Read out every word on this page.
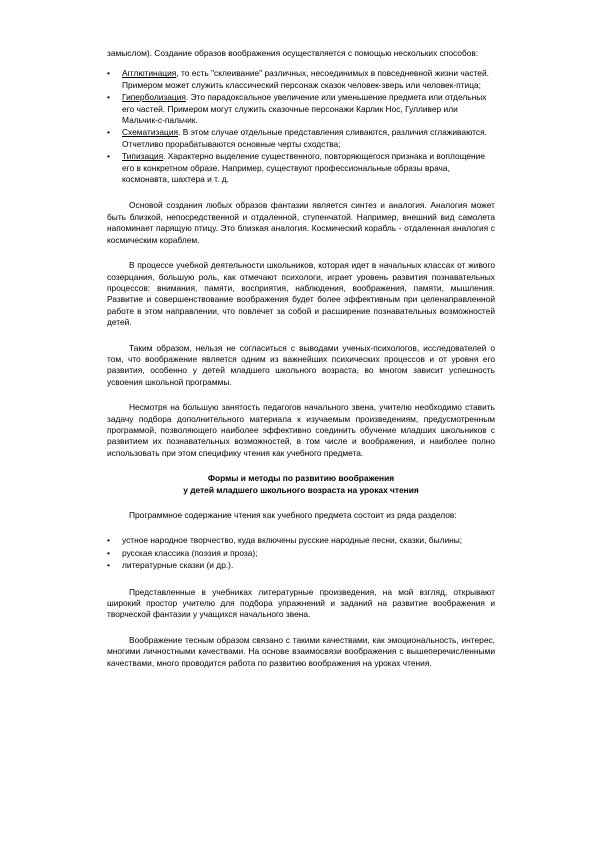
замыслом). Создание образов воображения осуществляется с помощью нескольких способов:

• Агглютинация, то есть "склеивание" различных, несоединимых в повседневной жизни частей. Примером может служить классический персонаж сказок человек-зверь или человек-птица;
• Гиперболизация. Это парадоксальное увеличение или уменьшение предмета или отдельных его частей. Примером могут служить сказочные персонажи Карлик Нос, Гулливер или Мальчик-с-пальчик.
• Схематизация. В этом случае отдельные представления сливаются, различия сглаживаются. Отчетливо прорабатываются основные черты сходства;
• Типизация. Характерно выделение существенного, повторяющегося признака и воплощение его в конкретном образе. Например, существуют профессиональные образы врача, космонавта, шахтера и т. д.

Основой создания любых образов фантазии является синтез и аналогия. Аналогия может быть близкой, непосредственной и отдаленной, ступенчатой. Например, внешний вид самолета напоминает парящую птицу. Это близкая аналогия. Космический корабль - отдаленная аналогия с космическим кораблем.

В процессе учебной деятельности школьников, которая идет в начальных классах от живого созерцания, большую роль, как отмечают психологи, играет уровень развития познавательных процессов: внимания, памяти, восприятия, наблюдения, воображения, памяти, мышления. Развитие и совершенствование воображения будет более эффективным при целенаправленной работе в этом направлении, что повлечет за собой и расширение познавательных возможностей детей.

Таким образом, нельзя не согласиться с выводами ученых-психологов, исследователей о том, что воображение является одним из важнейших психических процессов и от уровня его развития, особенно у детей младшего школьного возраста, во многом зависит успешность усвоения школьной программы.

Несмотря на большую занятость педагогов начального звена, учителю необходимо ставить задачу подбора дополнительного материала к изучаемым произведениям, предусмотренным программой, позволяющего наиболее эффективно соединить обучение младших школьников с развитием их познавательных возможностей, в том числе и воображения, и наиболее полно использовать при этом специфику чтения как учебного предмета.

Формы и методы по развитию воображения
у детей младшего школьного возраста на уроках чтения

Программное содержание чтения как учебного предмета состоит из ряда разделов:

• устное народное творчество, куда включены русские народные песни, сказки, былины;
• русская классика (поэзия и проза);
• литературные сказки (и др.).

Представленные в учебниках литературные произведения, на мой взгляд, открывают широкий простор учителю для подбора упражнений и заданий на развитие воображения и творческой фантазии у учащихся начального звена.

Воображение тесным образом связано с такими качествами, как эмоциональность, интерес, многими личностными качествами. На основе взаимосвязи воображения с вышеперечисленными качествами, много проводится работа по развитию воображения на уроках чтения.
